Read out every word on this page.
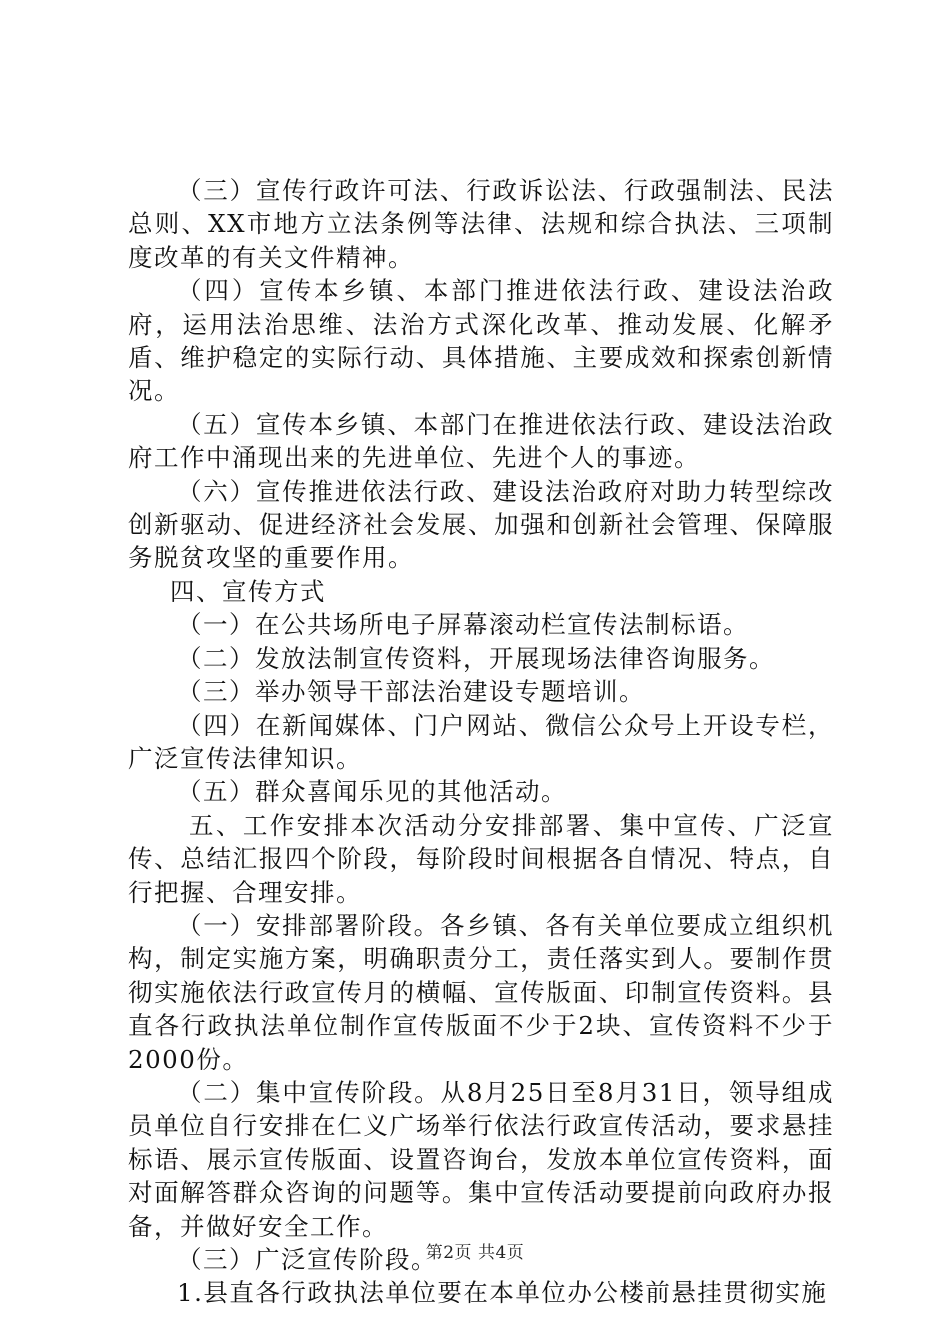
（三）宣传行政许可法、行政诉讼法、行政强制法、民法总则、XX市地方立法条例等法律、法规和综合执法、三项制度改革的有关文件精神。

（四）宣传本乡镇、本部门推进依法行政、建设法治政府，运用法治思维、法治方式深化改革、推动发展、化解矛盾、维护稳定的实际行动、具体措施、主要成效和探索创新情况。

（五）宣传本乡镇、本部门在推进依法行政、建设法治政府工作中涌现出来的先进单位、先进个人的事迹。

（六）宣传推进依法行政、建设法治政府对助力转型综改创新驱动、促进经济社会发展、加强和创新社会管理、保障服务脱贫攻坚的重要作用。

四、宣传方式

（一）在公共场所电子屏幕滚动栏宣传法制标语。

（二）发放法制宣传资料，开展现场法律咨询服务。

（三）举办领导干部法治建设专题培训。

（四）在新闻媒体、门户网站、微信公众号上开设专栏，广泛宣传法律知识。

（五）群众喜闻乐见的其他活动。

五、工作安排本次活动分安排部署、集中宣传、广泛宣传、总结汇报四个阶段，每阶段时间根据各自情况、特点，自行把握、合理安排。

（一）安排部署阶段。各乡镇、各有关单位要成立组织机构，制定实施方案，明确职责分工，责任落实到人。要制作贯彻实施依法行政宣传月的横幅、宣传版面、印制宣传资料。县直各行政执法单位制作宣传版面不少于2块、宣传资料不少于2000份。

（二）集中宣传阶段。从8月25日至8月31日，领导组成员单位自行安排在仁义广场举行依法行政宣传活动，要求悬挂标语、展示宣传版面、设置咨询台，发放本单位宣传资料，面对面解答群众咨询的问题等。集中宣传活动要提前向政府办报备，并做好安全工作。

（三）广泛宣传阶段。

1.县直各行政执法单位要在本单位办公楼前悬挂贯彻实施

第2页 共4页
